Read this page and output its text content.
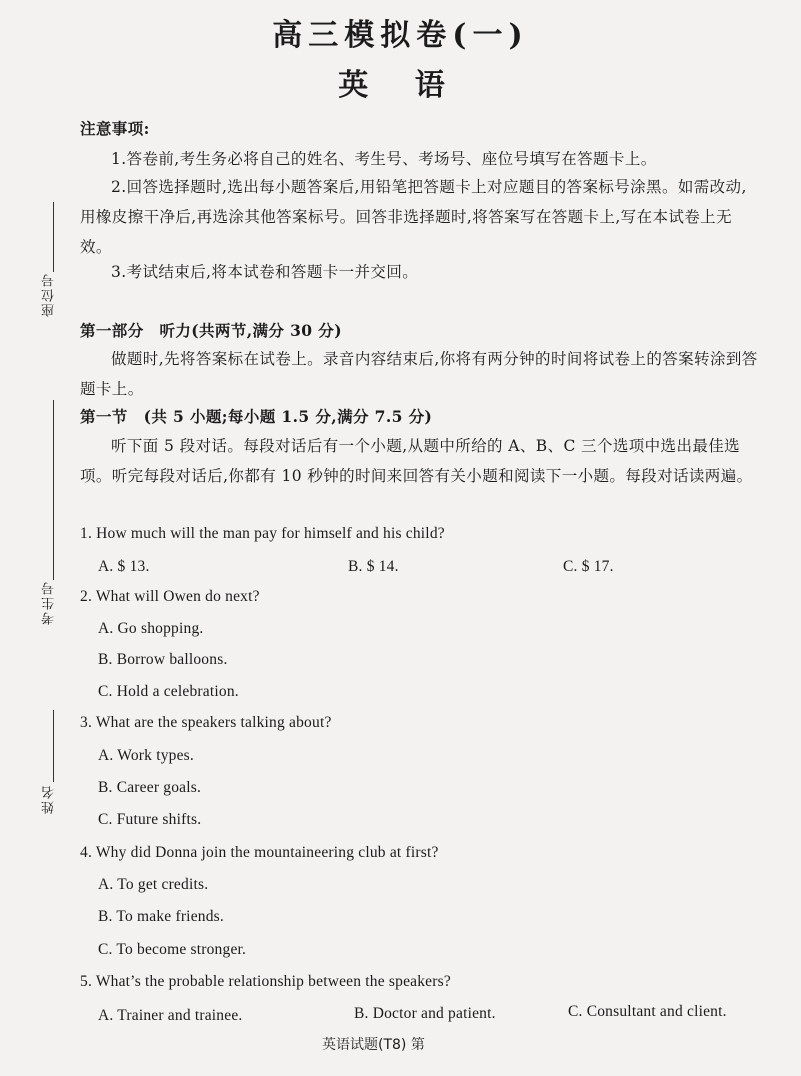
高三模拟卷(一)
英 语
注意事项:
1.答卷前,考生务必将自己的姓名、考生号、考场号、座位号填写在答题卡上。
2.回答选择题时,选出每小题答案后,用铅笔把答题卡上对应题目的答案标号涂黑。如需改动,用橡皮擦干净后,再选涂其他答案标号。回答非选择题时,将答案写在答题卡上,写在本试卷上无效。
3.考试结束后,将本试卷和答题卡一并交回。
第一部分　听力(共两节,满分 30 分)
做题时,先将答案标在试卷上。录音内容结束后,你将有两分钟的时间将试卷上的答案转涂到答题卡上。
第一节　(共 5 小题;每小题 1.5 分,满分 7.5 分)
听下面 5 段对话。每段对话后有一个小题,从题中所给的 A、B、C 三个选项中选出最佳选项。听完每段对话后,你都有 10 秒钟的时间来回答有关小题和阅读下一小题。每段对话读两遍。
1. How much will the man pay for himself and his child?
A. $ 13.	B. $ 14.	C. $ 17.
2. What will Owen do next?
A. Go shopping.
B. Borrow balloons.
C. Hold a celebration.
3. What are the speakers talking about?
A. Work types.
B. Career goals.
C. Future shifts.
4. Why did Donna join the mountaineering club at first?
A. To get credits.
B. To make friends.
C. To become stronger.
5. What’s the probable relationship between the speakers?
A. Trainer and trainee.	B. Doctor and patient.	C. Consultant and client.
座位号
考生号
姓名
英语试题(T8) 第
